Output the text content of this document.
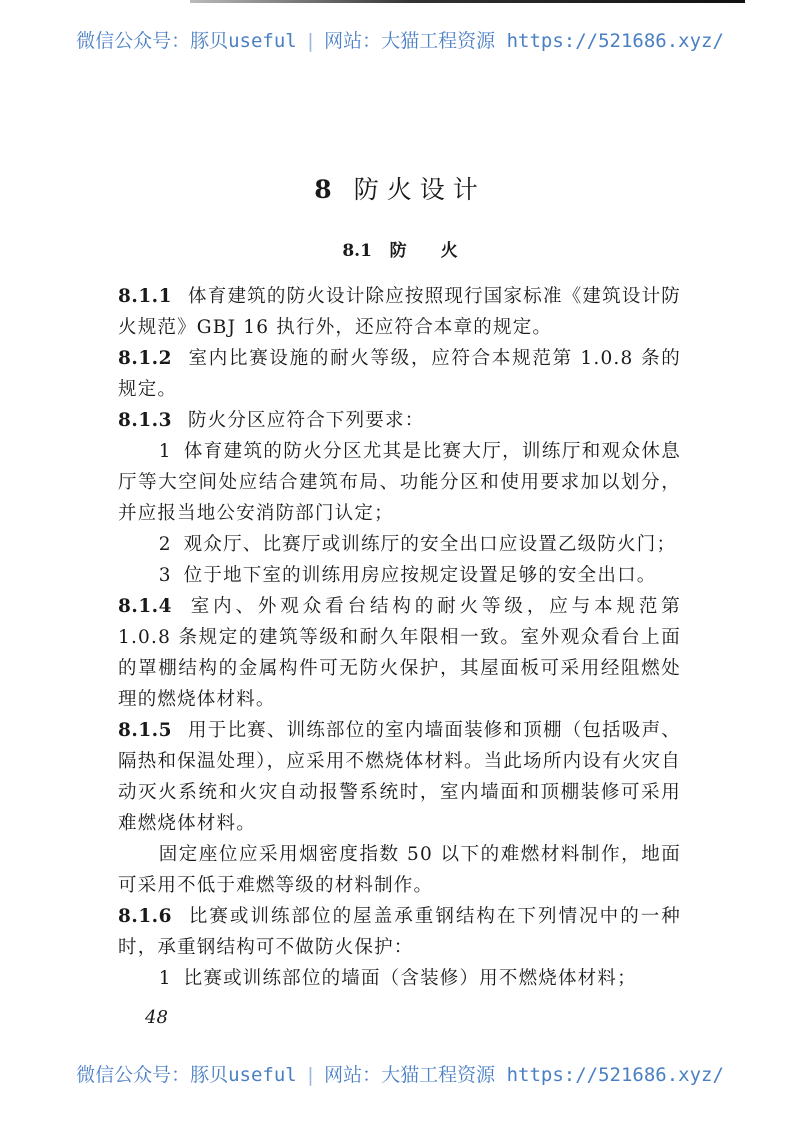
微信公众号：豚贝useful | 网站：大猫工程资源 https://521686.xyz/
8 防火设计
8.1 防 火

8.1.1 体育建筑的防火设计除应按照现行国家标准《建筑设计防火规范》GBJ 16 执行外，还应符合本章的规定。

8.1.2 室内比赛设施的耐火等级，应符合本规范第 1.0.8 条的规定。

8.1.3 防火分区应符合下列要求：

1 体育建筑的防火分区尤其是比赛大厅，训练厅和观众休息厅等大空间处应结合建筑布局、功能分区和使用要求加以划分，并应报当地公安消防部门认定；

2 观众厅、比赛厅或训练厅的安全出口应设置乙级防火门；

3 位于地下室的训练用房应按规定设置足够的安全出口。

8.1.4 室内、外观众看台结构的耐火等级，应与本规范第 1.0.8 条规定的建筑等级和耐久年限相一致。室外观众看台上面的罩棚结构的金属构件可无防火保护，其屋面板可采用经阻燃处理的燃烧体材料。

8.1.5 用于比赛、训练部位的室内墙面装修和顶棚（包括吸声、隔热和保温处理），应采用不燃烧体材料。当此场所内设有火灾自动灭火系统和火灾自动报警系统时，室内墙面和顶棚装修可采用难燃烧体材料。

固定座位应采用烟密度指数 50 以下的难燃材料制作，地面可采用不低于难燃等级的材料制作。

8.1.6 比赛或训练部位的屋盖承重钢结构在下列情况中的一种时，承重钢结构可不做防火保护：

1 比赛或训练部位的墙面（含装修）用不燃烧体材料；

48
微信公众号：豚贝useful | 网站：大猫工程资源 https://521686.xyz/
